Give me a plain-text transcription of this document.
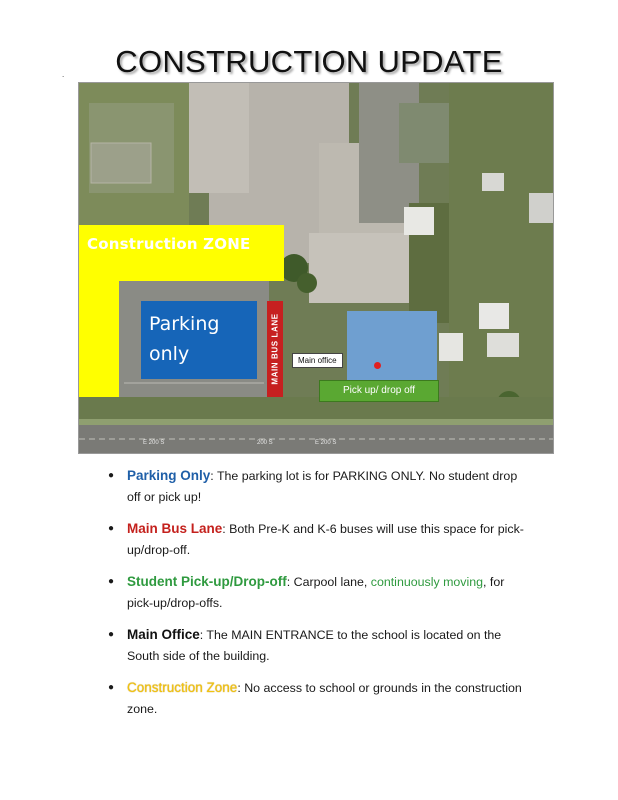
.	CONSTRUCTION UPDATE
Construction ZONE
Parking
only	MAIN BUS LANE	Main office
Pick up/ drop off
E 200 S	200 S	E 200 S
● Parking Only: The parking lot is for PARKING ONLY. No student drop off or pick up!
● Main Bus Lane: Both Pre-K and K-6 buses will use this space for pick-up/drop-off.
● Student Pick-up/Drop-off: Carpool lane, continuously moving, for pick-up/drop-offs.
● Main Office: The MAIN ENTRANCE to the school is located on the South side of the building.
● Construction Zone: No access to school or grounds in the construction zone.
